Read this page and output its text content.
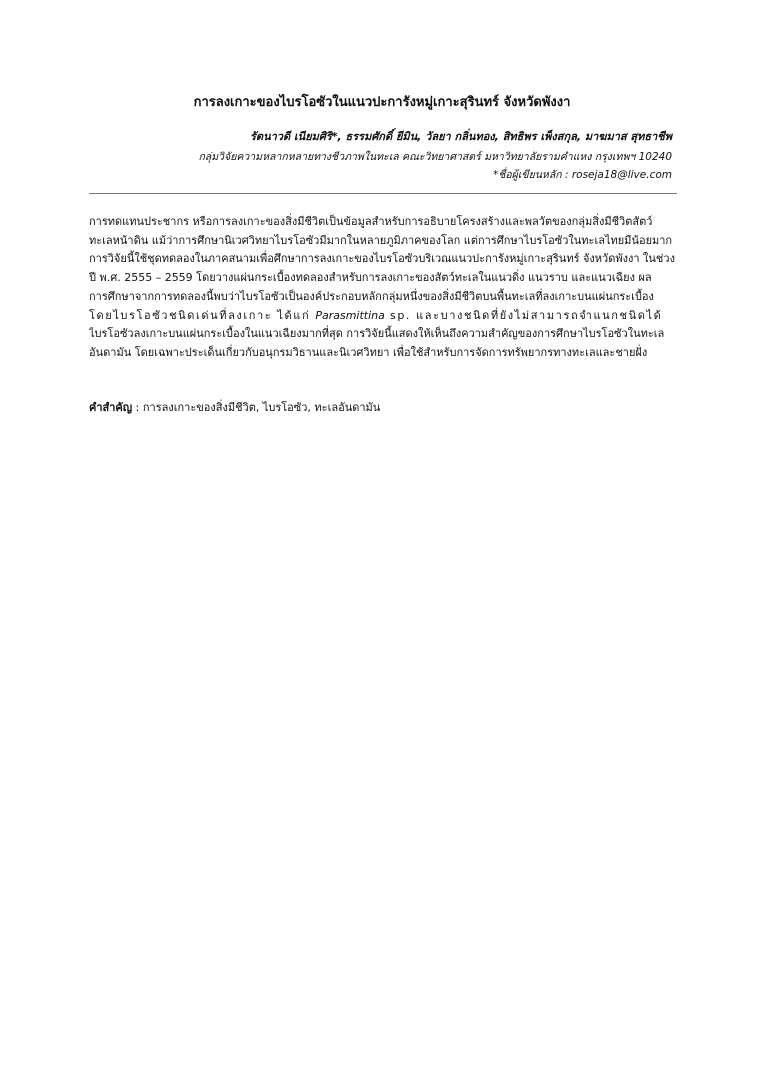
การลงเกาะของไบรโอซัวในแนวปะการังหมู่เกาะสุรินทร์ จังหวัดพังงา
รัตนาวดี เนียมศิริ*, ธรรมศักดิ์ ยีมิน, วัลยา กลิ่นทอง, สิทธิพร เพ็งสกุล, มาฆมาส สุทธาชีพ
กลุ่มวิจัยความหลากหลายทางชีวภาพในทะเล คณะวิทยาศาสตร์ มหาวิทยาลัยรามคำแหง กรุงเทพฯ 10240
*ชื่อผู้เขียนหลัก : roseja18@live.com
การทดแทนประชากร หรือการลงเกาะของสิ่งมีชีวิตเป็นข้อมูลสำหรับการอธิบายโครงสร้างและพลวัตของกลุ่มสิ่งมีชีวิตสัตว์
ทะเลหน้าดิน แม้ว่าการศึกษานิเวศวิทยาไบรโอซัวมีมากในหลายภูมิภาคของโลก แต่การศึกษาไบรโอซัวในทะเลไทยมีน้อยมาก
การวิจัยนี้ใช้ชุดทดลองในภาคสนามเพื่อศึกษาการลงเกาะของไบรโอซัวบริเวณแนวปะการังหมู่เกาะสุรินทร์ จังหวัดพังงา ในช่วง
ปี พ.ศ. 2555 – 2559 โดยวางแผ่นกระเบื้องทดลองสำหรับการลงเกาะของสัตว์ทะเลในแนวดิ่ง แนวราบ และแนวเฉียง ผล
การศึกษาจากการทดลองนี้พบว่าไบรโอซัวเป็นองค์ประกอบหลักกลุ่มหนึ่งของสิ่งมีชีวิตบนพื้นทะเลที่ลงเกาะบนแผ่นกระเบื้อง
โดยไบรโอซัวชนิดเด่นที่ลงเกาะ ได้แก่ Parasmittina sp. และบางชนิดที่ยังไม่สามารถจำแนกชนิดได้
ไบรโอซัวลงเกาะบนแผ่นกระเบื้องในแนวเฉียงมากที่สุด การวิจัยนี้แสดงให้เห็นถึงความสำคัญของการศึกษาไบรโอซัวในทะเล
อันดามัน โดยเฉพาะประเด็นเกี่ยวกับอนุกรมวิธานและนิเวศวิทยา เพื่อใช้สำหรับการจัดการทรัพยากรทางทะเลและชายฝั่ง
คำสำคัญ : การลงเกาะของสิ่งมีชีวิต, ไบรโอซัว, ทะเลอันดามัน
